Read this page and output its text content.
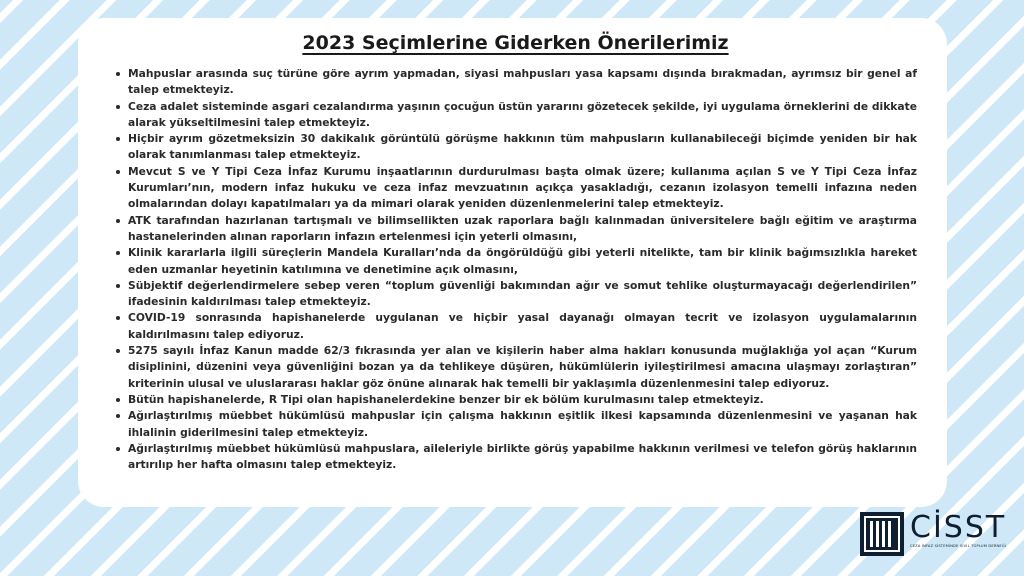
2023 Seçimlerine Giderken Önerilerimiz
Mahpuslar arasında suç türüne göre ayrım yapmadan, siyasi mahpusları yasa kapsamı dışında bırakmadan, ayrımsız bir genel af talep etmekteyiz.
Ceza adalet sisteminde asgari cezalandırma yaşının çocuğun üstün yararını gözetecek şekilde, iyi uygulama örneklerini de dikkate alarak yükseltilmesini talep etmekteyiz.
Hiçbir ayrım gözetmeksizin 30 dakikalık görüntülü görüşme hakkının tüm mahpusların kullanabileceği biçimde yeniden bir hak olarak tanımlanması talep etmekteyiz.
Mevcut S ve Y Tipi Ceza İnfaz Kurumu inşaatlarının durdurulması başta olmak üzere; kullanıma açılan S ve Y Tipi Ceza İnfaz Kurumları’nın, modern infaz hukuku ve ceza infaz mevzuatının açıkça yasakladığı, cezanın izolasyon temelli infazına neden olmalarından dolayı kapatılmaları ya da mimari olarak yeniden düzenlenmelerini talep etmekteyiz.
ATK tarafından hazırlanan tartışmalı ve bilimsellikten uzak raporlara bağlı kalınmadan üniversitelere bağlı eğitim ve araştırma hastanelerinden alınan raporların infazın ertelenmesi için yeterli olmasını,
Klinik kararlarla ilgili süreçlerin Mandela Kuralları’nda da öngörüldüğü gibi yeterli nitelikte, tam bir klinik bağımsızlıkla hareket eden uzmanlar heyetinin katılımına ve denetimine açık olmasını,
Sübjektif değerlendirmelere sebep veren “toplum güvenliği bakımından ağır ve somut tehlike oluşturmayacağı değerlendirilen” ifadesinin kaldırılması talep etmekteyiz.
COVID-19 sonrasında hapishanelerde uygulanan ve hiçbir yasal dayanağı olmayan tecrit ve izolasyon uygulamalarının kaldırılmasını talep ediyoruz.
5275 sayılı İnfaz Kanun madde 62/3 fıkrasında yer alan ve kişilerin haber alma hakları konusunda muğlaklığa yol açan “Kurum disiplinini, düzenini veya güvenliğini bozan ya da tehlikeye düşüren, hükümlülerin iyileştirilmesi amacına ulaşmayı zorlaştıran” kriterinin ulusal ve uluslararası haklar göz önüne alınarak hak temelli bir yaklaşımla düzenlenmesini talep ediyoruz.
Bütün hapishanelerde, R Tipi olan hapishanelerdekine benzer bir ek bölüm kurulmasını talep etmekteyiz.
Ağırlaştırılmış müebbet hükümlüsü mahpuslar için çalışma hakkının eşitlik ilkesi kapsamında düzenlenmesini ve yaşanan hak ihlalinin giderilmesini talep etmekteyiz.
Ağırlaştırılmış müebbet hükümlüsü mahpuslara, aileleriyle birlikte görüş yapabilme hakkının verilmesi ve telefon görüş haklarının artırılıp her hafta olmasını talep etmekteyiz.
CİSST
CEZA İNFAZ SİSTEMİNDE SİVİL TOPLUM DERNEĞİ
